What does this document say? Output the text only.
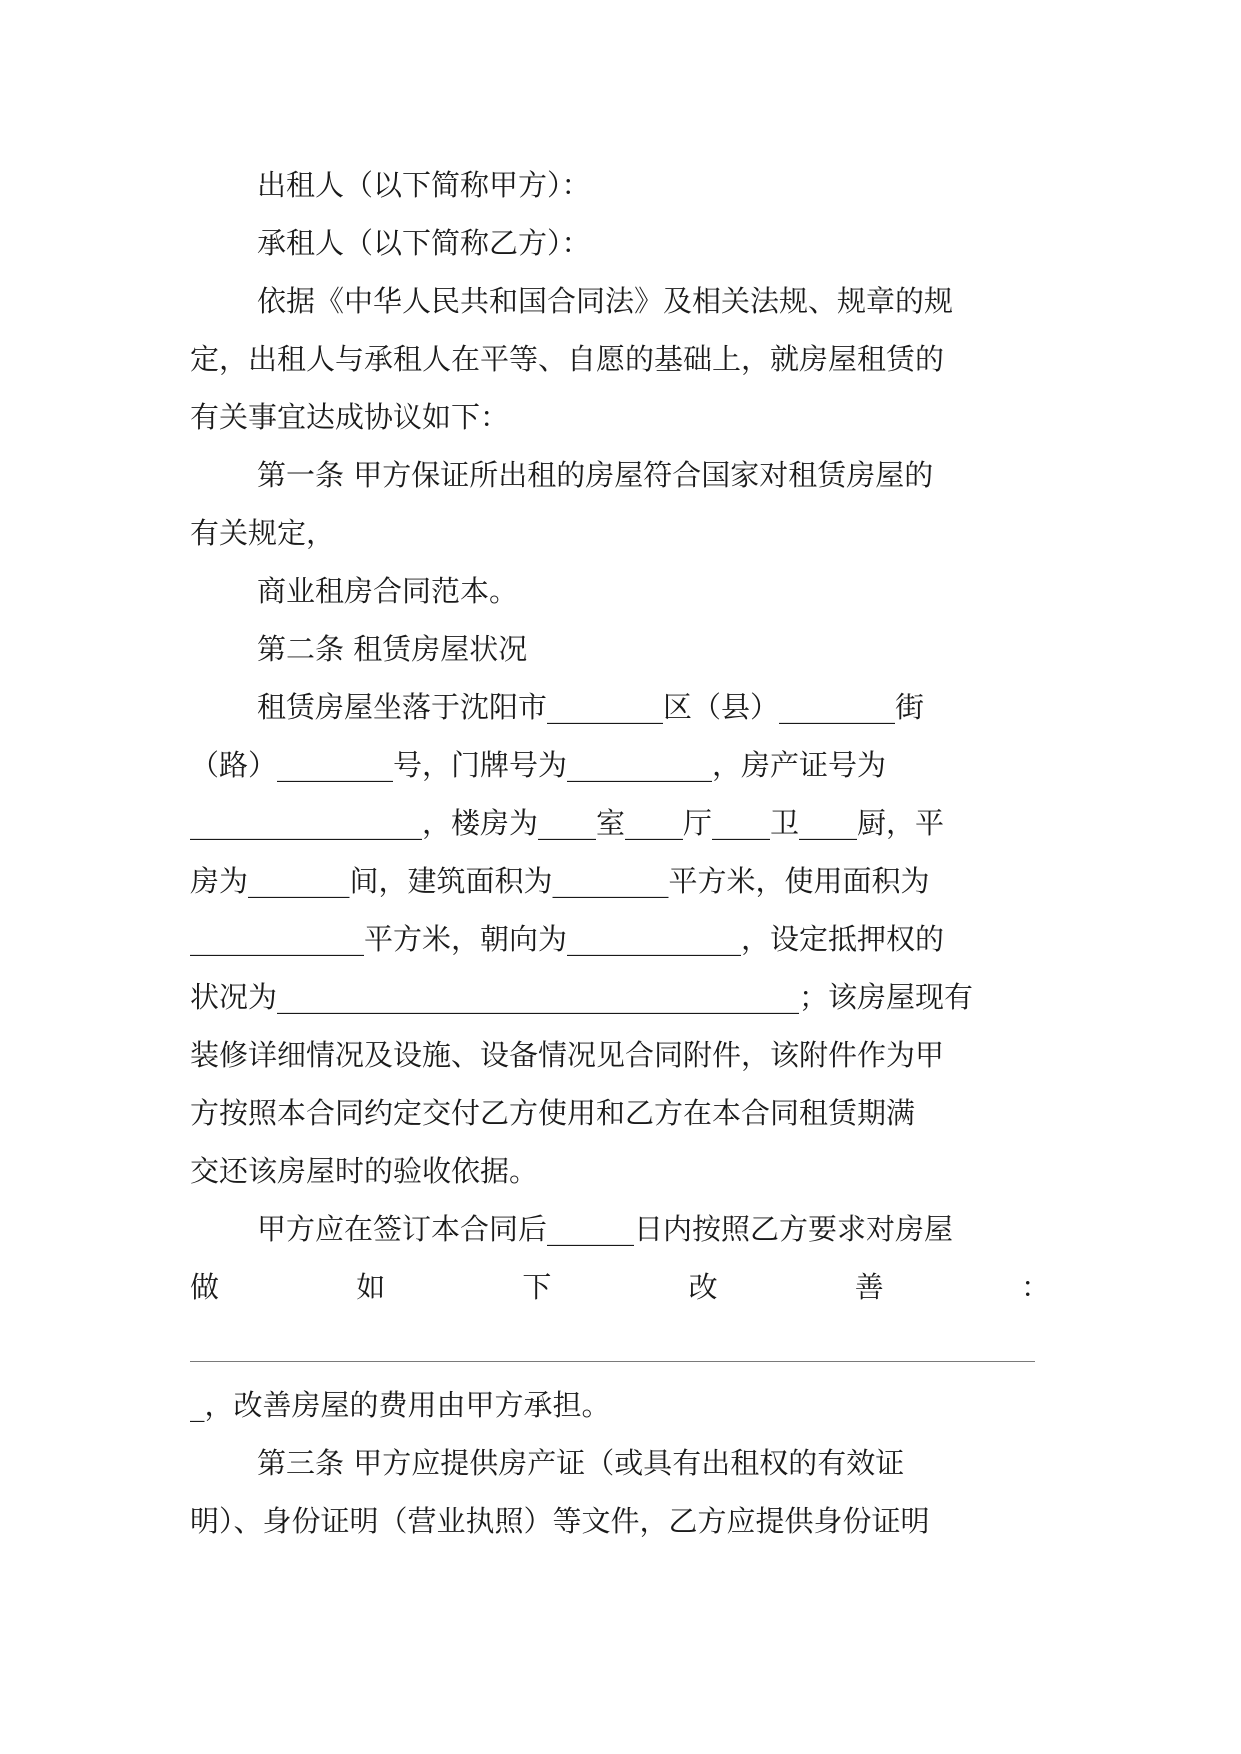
出租人（以下简称甲方）：
承租人（以下简称乙方）：
依据《中华人民共和国合同法》及相关法规、规章的规
定，出租人与承租人在平等、自愿的基础上，就房屋租赁的
有关事宜达成协议如下：
第一条 甲方保证所出租的房屋符合国家对租赁房屋的
有关规定，
商业租房合同范本。
第二条 租赁房屋状况
租赁房屋坐落于沈阳市________区（县）________街
（路）________号，门牌号为__________，房产证号为
________________，楼房为____室____厅____卫____厨，平
房为_______间，建筑面积为________平方米，使用面积为
____________平方米，朝向为____________，设定抵押权的
状况为____________________________________；该房屋现有
装修详细情况及设施、设备情况见合同附件，该附件作为甲
方按照本合同约定交付乙方使用和乙方在本合同租赁期满
交还该房屋时的验收依据。
甲方应在签订本合同后______日内按照乙方要求对房屋
做	如	下	改	善	：
_，改善房屋的费用由甲方承担。
第三条 甲方应提供房产证（或具有出租权的有效证
明）、身份证明（营业执照）等文件，乙方应提供身份证明
